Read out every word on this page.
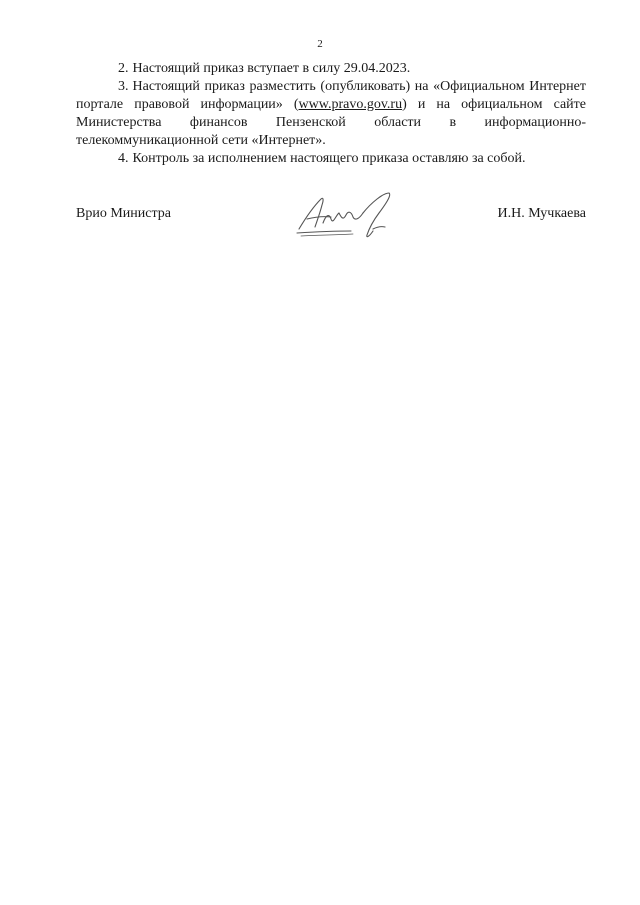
2

2. Настоящий приказ вступает в силу 29.04.2023.

3. Настоящий приказ разместить (опубликовать) на «Официальном Интернет портале правовой информации» (www.pravo.gov.ru) и на официальном сайте Министерства финансов Пензенской области в информационно-телекоммуникационной сети «Интернет».

4. Контроль за исполнением настоящего приказа оставляю за собой.

Врио Министра	И.Н. Мучкаева
